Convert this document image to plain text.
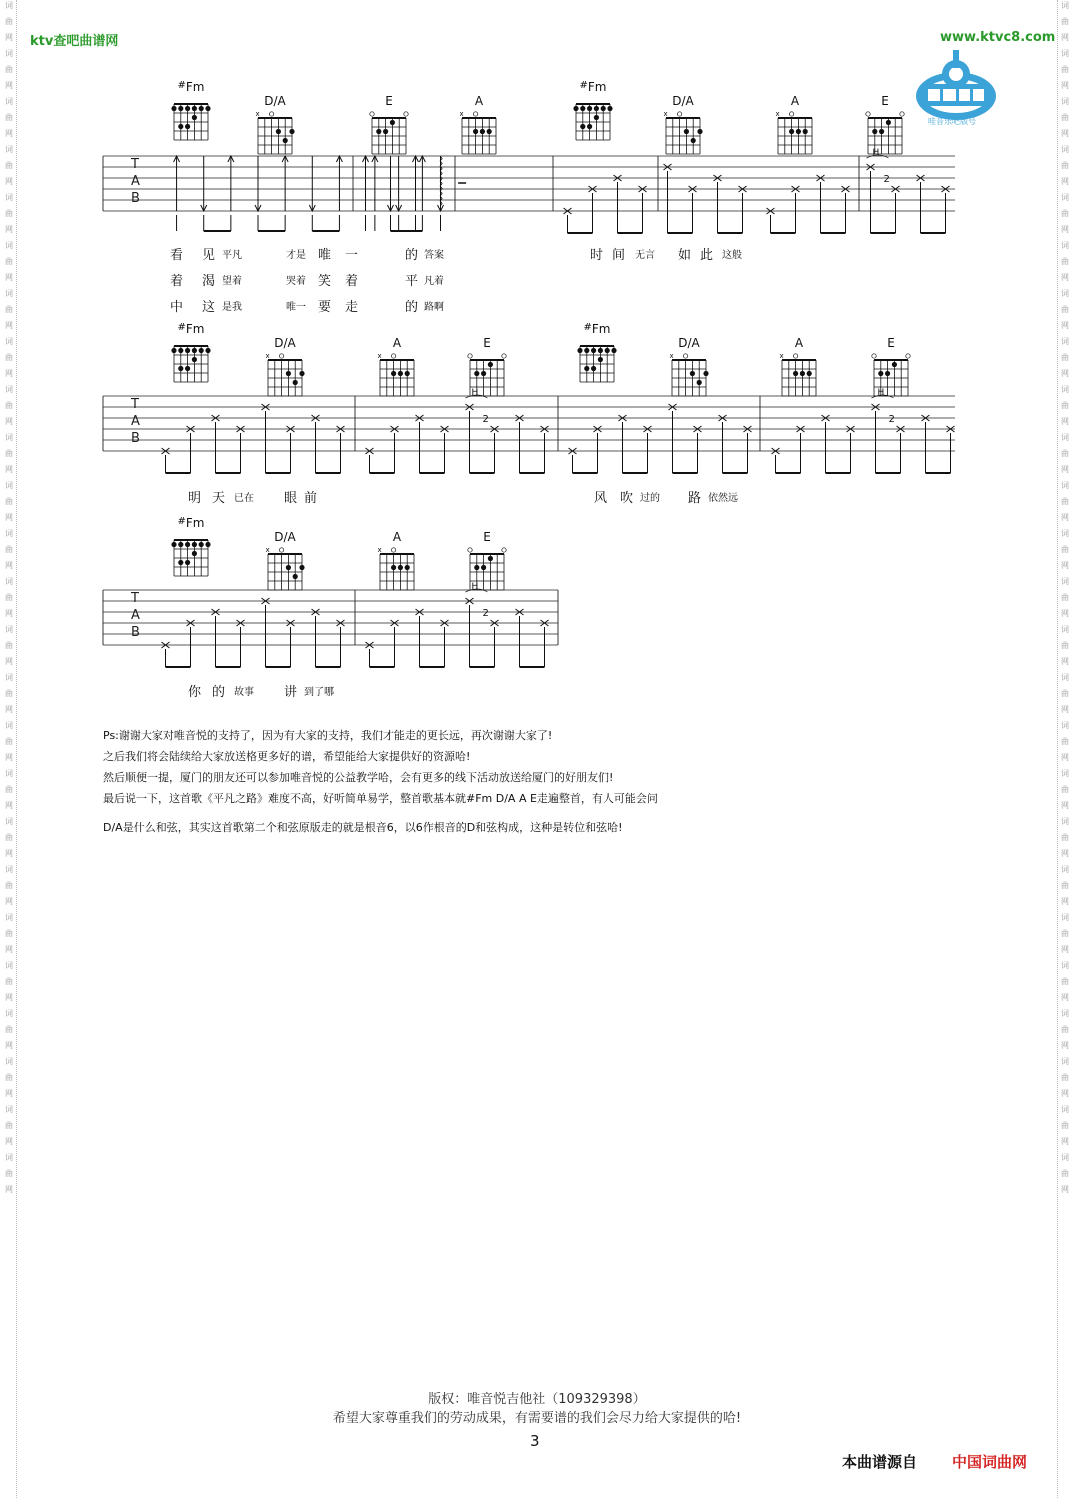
词
曲
网
词
曲
网
词
曲
网
词
曲
网
词
曲
网
词
曲
网
词
曲
网
词
曲
网
词
曲
网
词
曲
网
词
曲
网
词
曲
网
词
曲
网
词
曲
网
词
曲
网
词
曲
网
词
曲
网
词
曲
网
词
曲
网
词
曲
网
词
曲
网
词
曲
网
词
曲
网
词
曲
网
词
曲
网
词
曲
网
词
曲
网
词
曲
网
词
曲
网
词
曲
网
词
曲
网
词
曲
网
词
曲
网
词
曲
网
词
曲
网
词
曲
网
词
曲
网
词
曲
网
词
曲
网
词
曲
网
词
曲
网
词
曲
网
词
曲
网
词
曲
网
词
曲
网
词
曲
网
词
曲
网
词
曲
网
词
曲
网
词
曲
网
ktv查吧曲谱网	www.ktvc8.com
哇音乐吧版号
#Fm
D/A
x
E	A
x
#Fm
D/A
x
A
x
E
T
A
B
H
2
#Fm
D/A
x
A
x
E
#Fm
D/A
x
A
x
E
T
A
B
H
2
H
2
#Fm
D/A
x
A
x
E
T
A
B
H
2
看 见 平凡	才是 唯 一	的 答案	时 间 无言 如 此 这般
着 渴 望着	哭着 笑 着	平 凡着
中 这 是我	唯一 要 走	的 路啊
明 天 已在 眼 前	风 吹 过的 路 依然远
你 的 故事 讲 到了哪
Ps:谢谢大家对唯音悦的支持了，因为有大家的支持，我们才能走的更长远，再次谢谢大家了!
之后我们将会陆续给大家放送格更多好的谱，希望能给大家提供好的资源哈!
然后顺便一提，厦门的朋友还可以参加唯音悦的公益教学哈，会有更多的线下活动放送给厦门的好朋友们!
最后说一下，这首歌《平凡之路》难度不高，好听简单易学，整首歌基本就#Fm D/A A E走遍整首，有人可能会问
D/A是什么和弦，其实这首歌第二个和弦原版走的就是根音6，以6作根音的D和弦构成，这种是转位和弦哈!
版权：唯音悦吉他社（109329398）
希望大家尊重我们的劳动成果，有需要谱的我们会尽力给大家提供的哈!
3
本曲谱源自 中国词曲网
